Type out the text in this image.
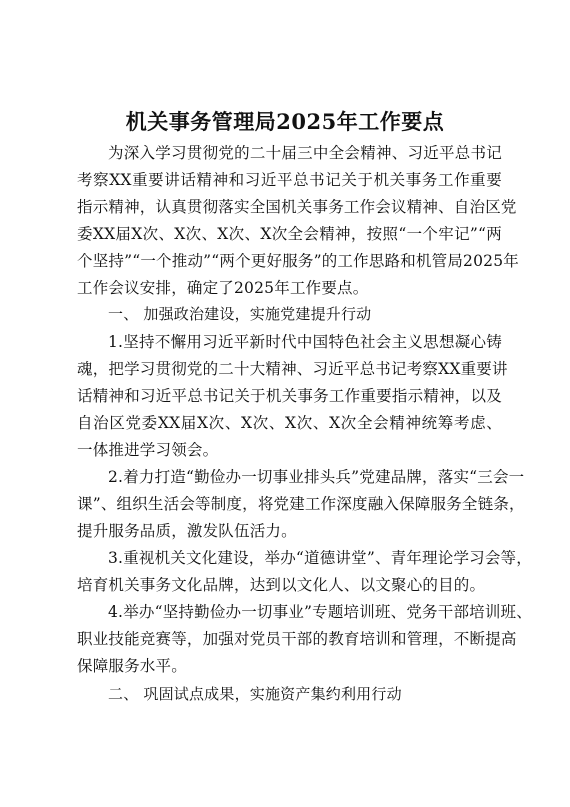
机关事务管理局2025年工作要点
为深入学习贯彻党的二十届三中全会精神、习近平总书记
考察XX重要讲话精神和习近平总书记关于机关事务工作重要
指示精神，认真贯彻落实全国机关事务工作会议精神、自治区党
委XX届X次、X次、X次、X次全会精神，按照“一个牢记”“两
个坚持”“一个推动”“两个更好服务”的工作思路和机管局2025年
工作会议安排，确定了2025年工作要点。
一、 加强政治建设，实施党建提升行动
1.坚持不懈用习近平新时代中国特色社会主义思想凝心铸
魂，把学习贯彻党的二十大精神、习近平总书记考察XX重要讲
话精神和习近平总书记关于机关事务工作重要指示精神，以及
自治区党委XX届X次、X次、X次、X次全会精神统筹考虑、
一体推进学习领会。
2.着力打造“勤俭办一切事业排头兵”党建品牌，落实“三会一
课”、组织生活会等制度，将党建工作深度融入保障服务全链条，
提升服务品质，激发队伍活力。
3.重视机关文化建设，举办“道德讲堂”、青年理论学习会等，
培育机关事务文化品牌，达到以文化人、以文聚心的目的。
4.举办“坚持勤俭办一切事业”专题培训班、党务干部培训班、
职业技能竞赛等，加强对党员干部的教育培训和管理，不断提高
保障服务水平。
二、 巩固试点成果，实施资产集约利用行动
